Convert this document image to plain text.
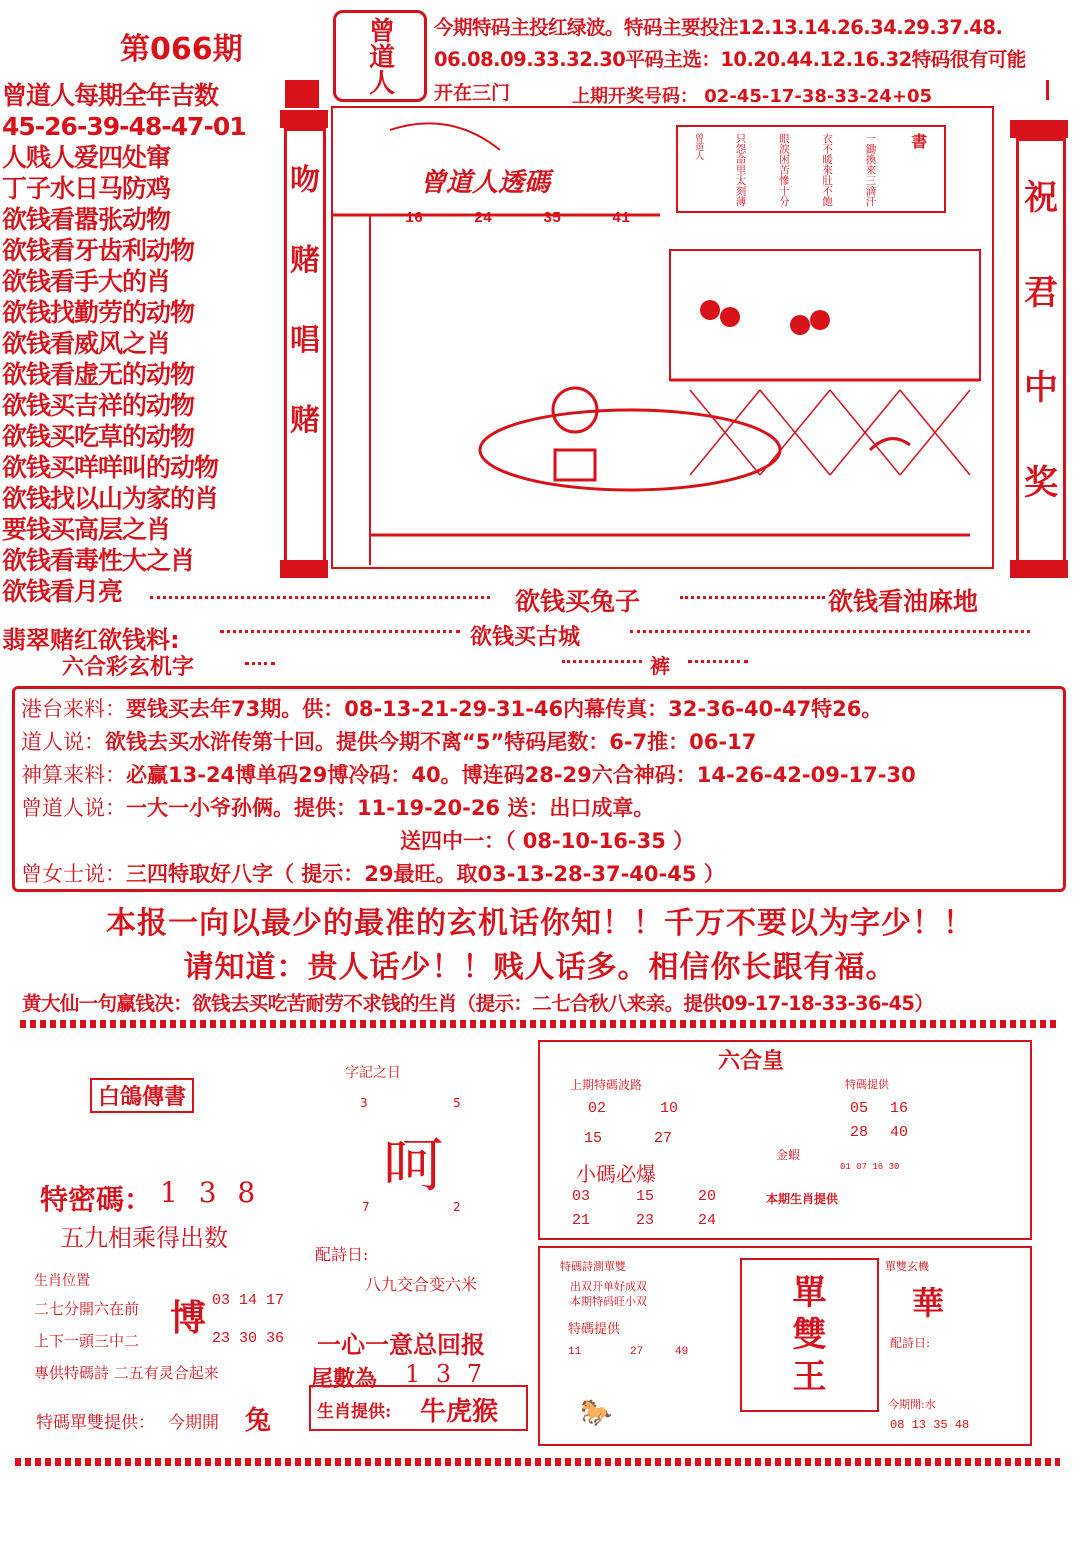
第066期	曾道人 今期特码主投红绿波。特码主要投注12.13.14.26.34.29.37.48.
06.08.09.33.32.30平码主选：10.20.44.12.16.32特码很有可能
开在三门	上期开奖号码： 02-45-17-38-33-24+05
曾道人每期全年吉数
45-26-39-48-47-01
人贱人爱四处窜
丁子水日马防鸡
欲钱看嚣张动物
欲钱看牙齿利动物
欲钱看手大的肖
欲钱找勤劳的动物
欲钱看威风之肖
欲钱看虚无的动物
欲钱买吉祥的动物
欲钱买吃草的动物
欲钱买咩咩叫的动物
欲钱找以山为家的肖
要钱买高层之肖
欲钱看毒性大之肖
欲钱看月亮
吻
赌
唱
赌
曾道人透碼
16	24	35	41
書
一鋤換來三滴汗
衣不暖來肚不飽
眼淚困苦慘十分
只怨命里太刻薄
曾道人
祝
君
中
奖
欲钱买兔子	欲钱看油麻地
翡翠赌红欲钱料:	欲钱买古城
六合彩玄机字	裤
港台来料：要钱买去年73期。供：08-13-21-29-31-46内幕传真：32-36-40-47特26。
道人说：欲钱去买水浒传第十回。提供今期不离“5”特码尾数：6-7推：06-17
神算来料：必赢13-24博单码29博冷码：40。博连码28-29六合神码：14-26-42-09-17-30
曾道人说：一大一小爷孙俩。提供：11-19-20-26 送：出口成章。
送四中一：（ 08-10-16-35 ）
曾女士说：三四特取好八字（ 提示：29最旺。取03-13-28-37-40-45 ）
本报一向以最少的最准的玄机话你知！！千万不要以为字少！！
请知道：贵人话少！！贱人话多。相信你长跟有福。
黄大仙一句赢钱决：欲钱去买吃苦耐劳不求钱的生肖（提示：二七合秋八来亲。提供09-17-18-33-36-45）
白鴿傳書
特密碼： 1 3 8
五九相乘得出数
生肖位置
二七分開六在前
上下一頭三中二
博 03 14 17
23 30 36
專供特碼詩 二五有灵合起来
特碼單雙提供： 今期開 兔
字記之日
3	5
呵
7	2
配詩日:
八九交合变六米
一心一意总回报
尾數為 1 3 7
生肖提供: 牛虎猴
六合皇
上期特碼波路
02	10
15	27
特碼提供
05 16
28 40
金蝦
小碼必爆	01 07 16 30
03	15	20
21	23	24
本期生肖提供
特碼詩測單雙
出双开单好成双
本期特码旺小双
特碼提供
11	27	49
單
雙
王
單雙玄機
華
配詩日:
今期開:水
08 13 35 48
🐎
